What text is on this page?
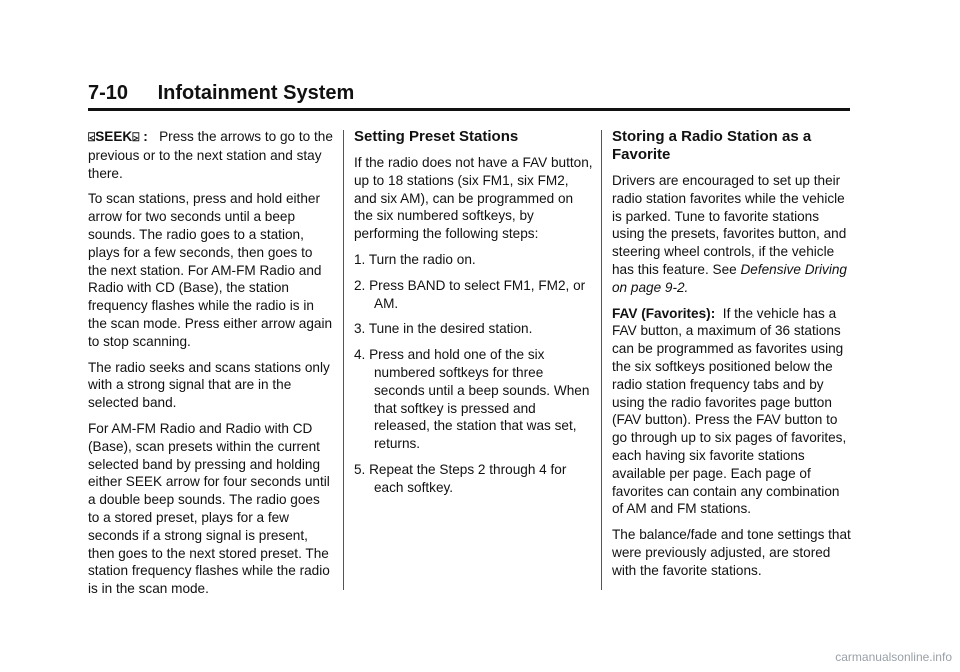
7-10 Infotainment System

⍃SEEK⍄ : Press the arrows to go to the previous or to the next station and stay there.

To scan stations, press and hold either arrow for two seconds until a beep sounds. The radio goes to a station, plays for a few seconds, then goes to the next station. For AM-FM Radio and Radio with CD (Base), the station frequency flashes while the radio is in the scan mode. Press either arrow again to stop scanning.

The radio seeks and scans stations only with a strong signal that are in the selected band.

For AM-FM Radio and Radio with CD (Base), scan presets within the current selected band by pressing and holding either SEEK arrow for four seconds until a double beep sounds. The radio goes to a stored preset, plays for a few seconds if a strong signal is present, then goes to the next stored preset. The station frequency flashes while the radio is in the scan mode.

Setting Preset Stations

If the radio does not have a FAV button, up to 18 stations (six FM1, six FM2, and six AM), can be programmed on the six numbered softkeys, by performing the following steps:

1. Turn the radio on.
2. Press BAND to select FM1, FM2, or AM.
3. Tune in the desired station.
4. Press and hold one of the six numbered softkeys for three seconds until a beep sounds. When that softkey is pressed and released, the station that was set, returns.
5. Repeat the Steps 2 through 4 for each softkey.
Storing a Radio Station as a Favorite

Drivers are encouraged to set up their radio station favorites while the vehicle is parked. Tune to favorite stations using the presets, favorites button, and steering wheel controls, if the vehicle has this feature. See Defensive Driving on page 9-2.

FAV (Favorites): If the vehicle has a FAV button, a maximum of 36 stations can be programmed as favorites using the six softkeys positioned below the radio station frequency tabs and by using the radio favorites page button (FAV button). Press the FAV button to go through up to six pages of favorites, each having six favorite stations available per page. Each page of favorites can contain any combination of AM and FM stations.

The balance/fade and tone settings that were previously adjusted, are stored with the favorite stations.

carmanualsonline.info
